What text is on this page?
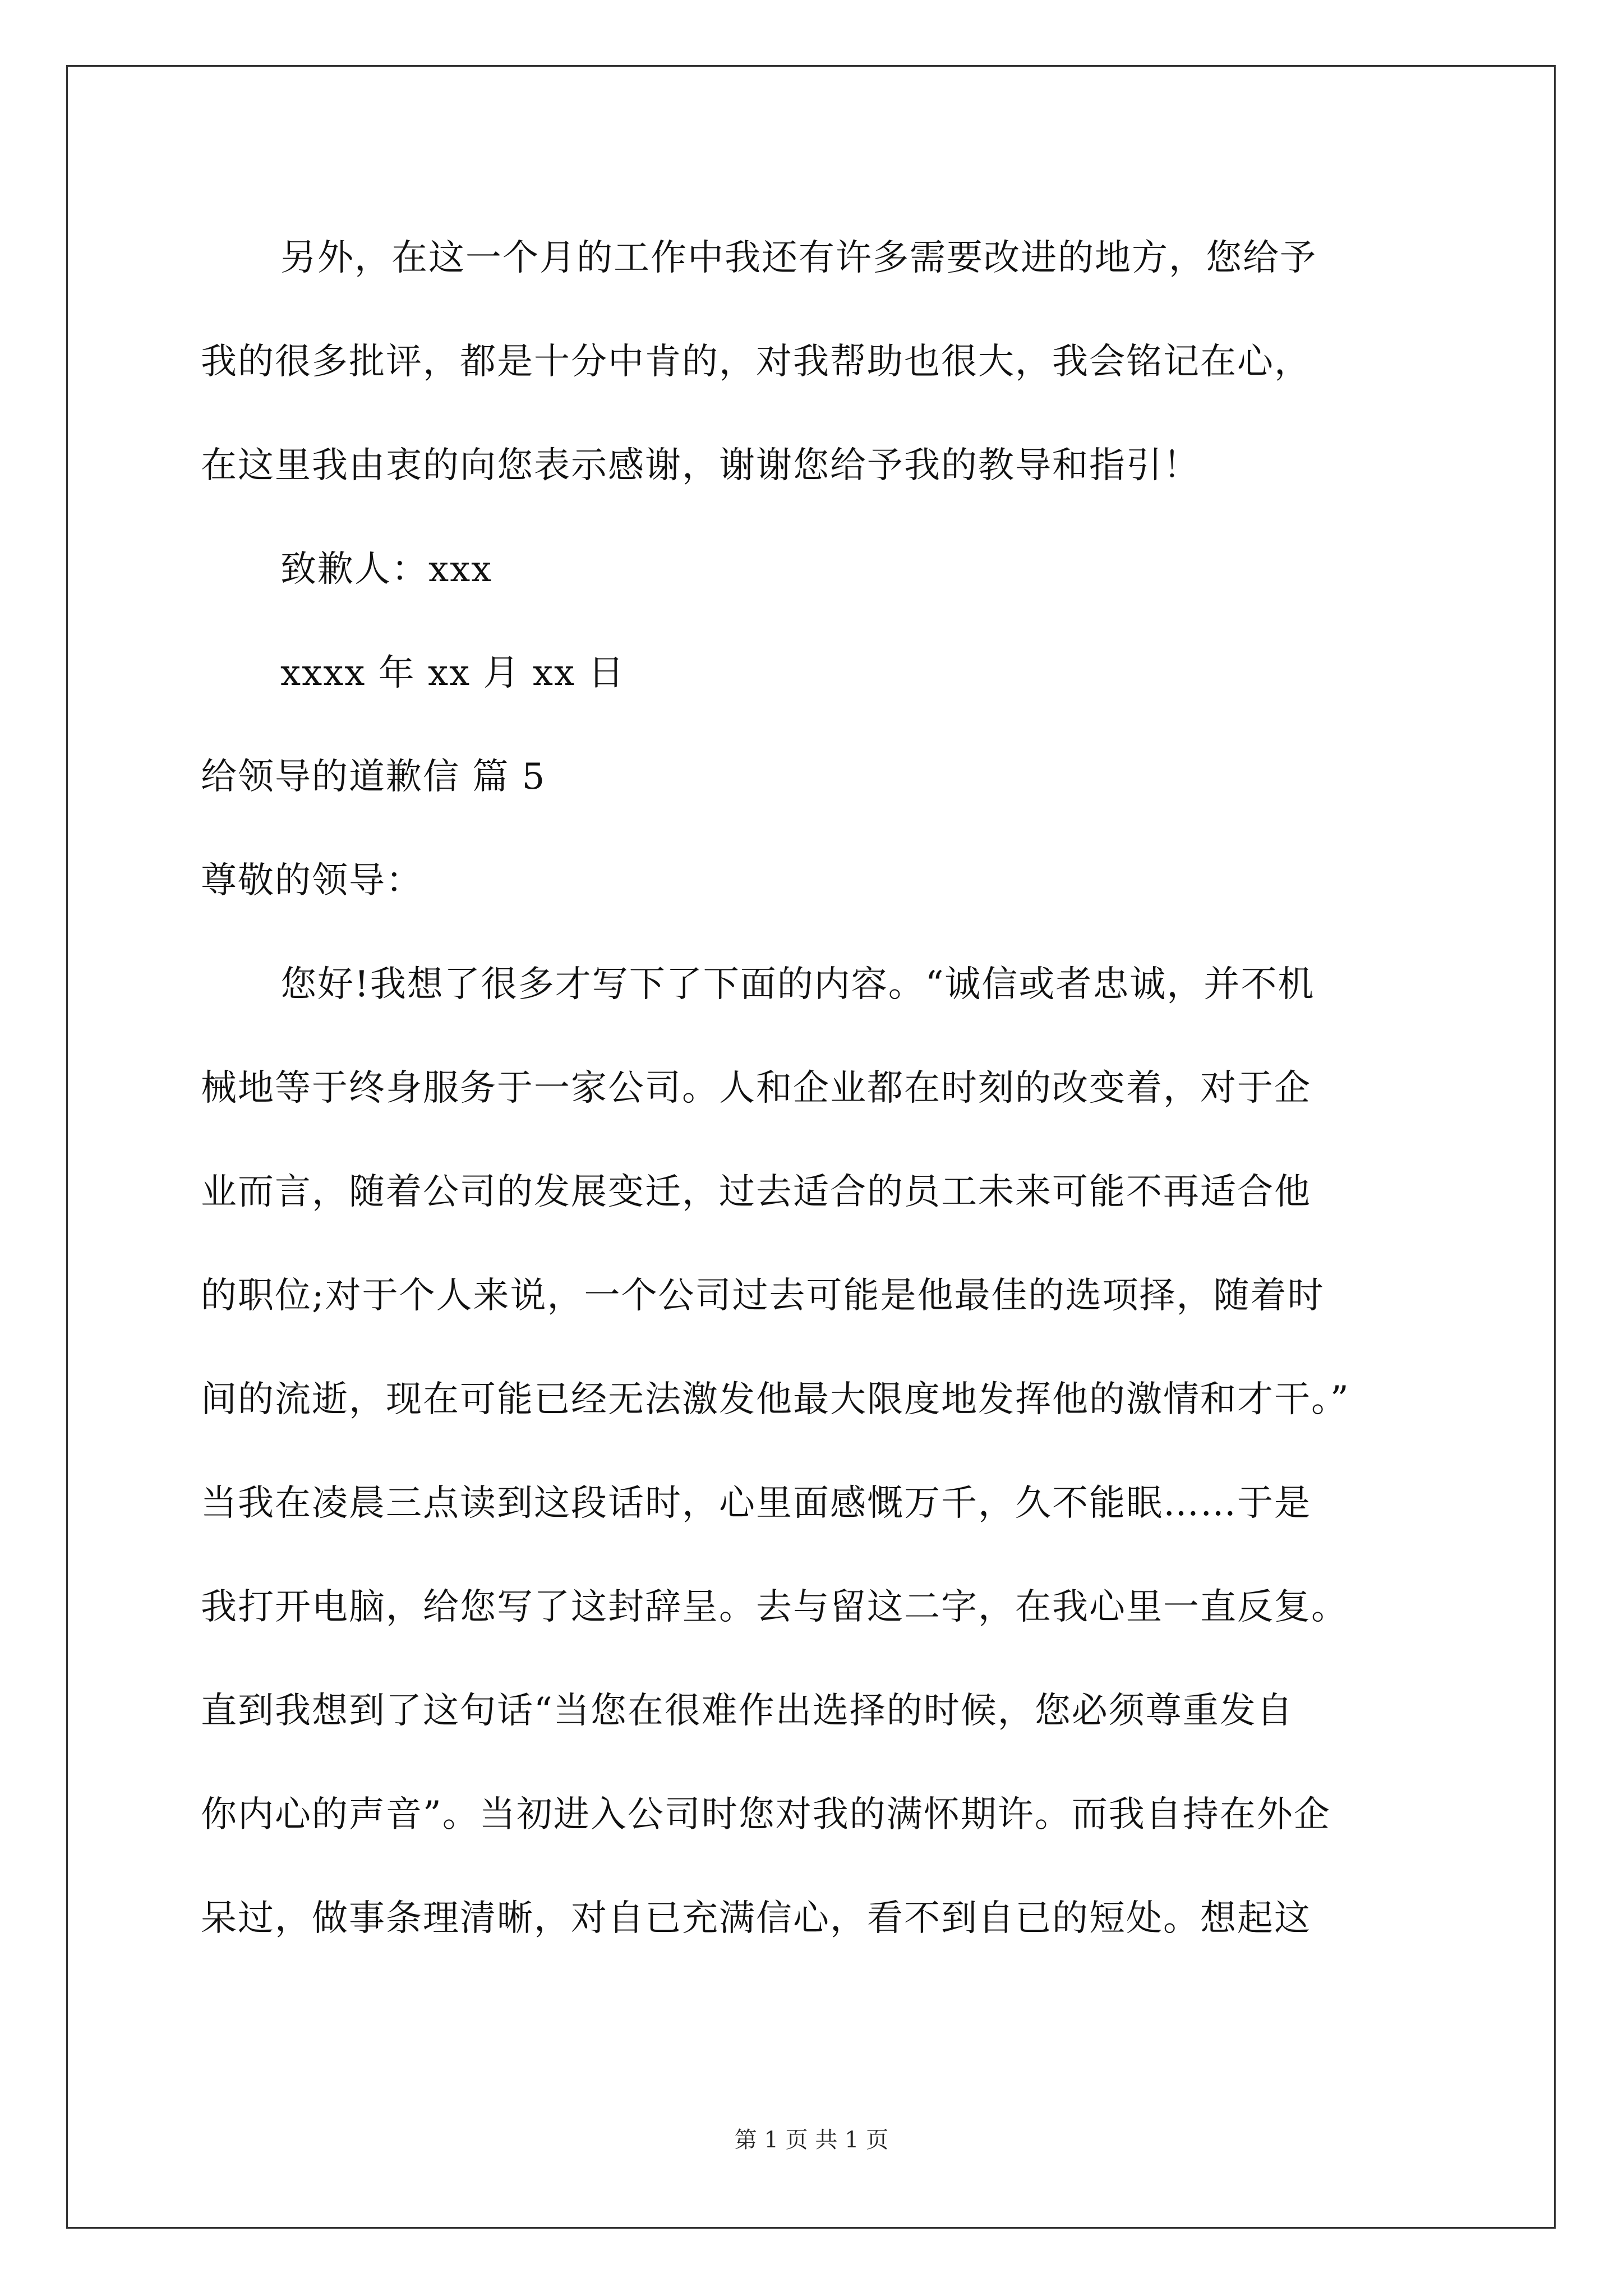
另外，在这一个月的工作中我还有许多需要改进的地方，您给予
我的很多批评，都是十分中肯的，对我帮助也很大，我会铭记在心，
在这里我由衷的向您表示感谢，谢谢您给予我的教导和指引！
致歉人：xxx
xxxx 年 xx 月 xx 日
给领导的道歉信 篇 5
尊敬的领导：
您好!我想了很多才写下了下面的内容。“诚信或者忠诚，并不机
械地等于终身服务于一家公司。人和企业都在时刻的改变着，对于企
业而言，随着公司的发展变迁，过去适合的员工未来可能不再适合他
的职位;对于个人来说，一个公司过去可能是他最佳的选项择，随着时
间的流逝，现在可能已经无法激发他最大限度地发挥他的激情和才干。”
当我在凌晨三点读到这段话时，心里面感慨万千，久不能眠……于是
我打开电脑，给您写了这封辞呈。去与留这二字，在我心里一直反复。
直到我想到了这句话“当您在很难作出选择的时候，您必须尊重发自
你内心的声音”。当初进入公司时您对我的满怀期许。而我自持在外企
呆过，做事条理清晰，对自已充满信心，看不到自已的短处。想起这
第 1 页 共 1 页
